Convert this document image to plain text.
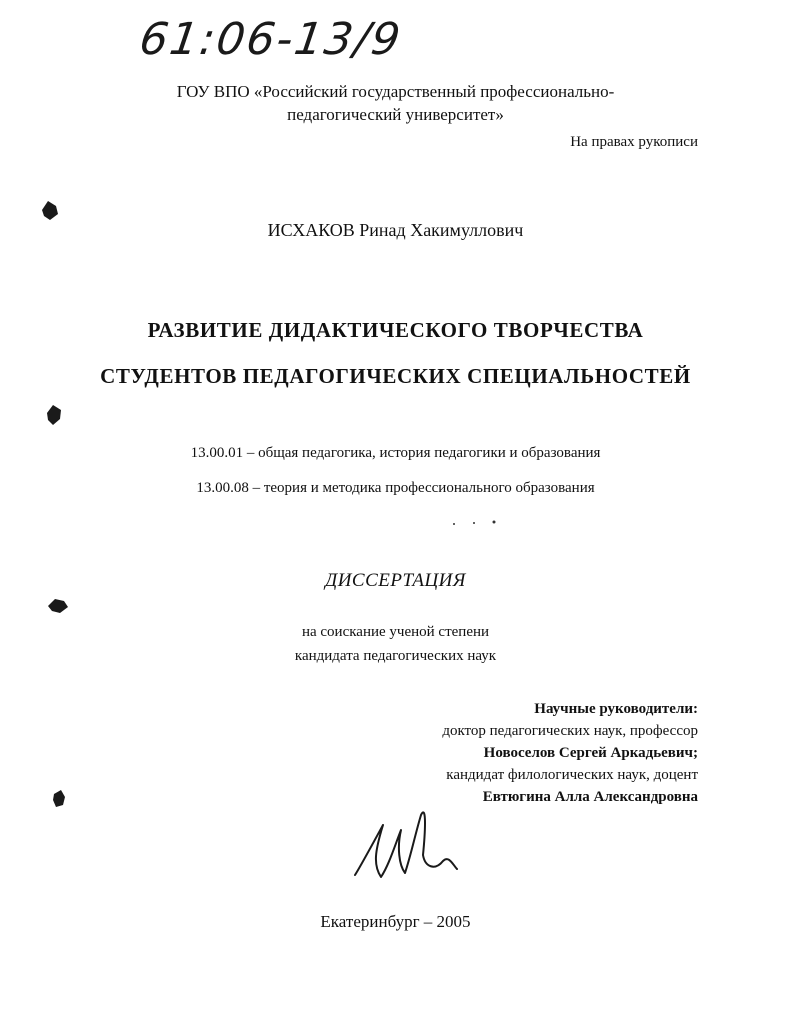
61:06-13/9
ГОУ ВПО «Российский государственный профессионально-
педагогический университет»
На правах рукописи
ИСХАКОВ Ринад Хакимуллович
РАЗВИТИЕ ДИДАКТИЧЕСКОГО ТВОРЧЕСТВА
СТУДЕНТОВ ПЕДАГОГИЧЕСКИХ СПЕЦИАЛЬНОСТЕЙ
13.00.01 – общая педагогика, история педагогики и образования
13.00.08 – теория и методика профессионального образования
ДИССЕРТАЦИЯ
на соискание ученой степени
кандидата педагогических наук
Научные руководители:
доктор педагогических наук, профессор
Новоселов Сергей Аркадьевич;
кандидат филологических наук, доцент
Евтюгина Алла Александровна
Екатеринбург – 2005
